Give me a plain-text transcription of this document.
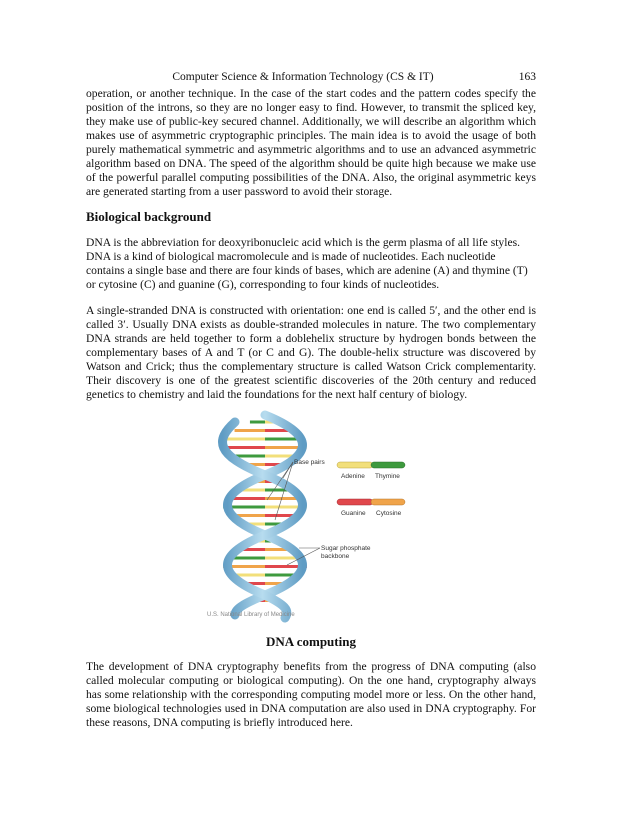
Computer Science & Information Technology (CS & IT)	163

operation, or another technique. In the case of the start codes and the pattern codes specify the position of the introns, so they are no longer easy to find. However, to transmit the spliced key, they make use of public-key secured channel. Additionally, we will describe an algorithm which makes use of asymmetric cryptographic principles. The main idea is to avoid the usage of both purely mathematical symmetric and asymmetric algorithms and to use an advanced asymmetric algorithm based on DNA. The speed of the algorithm should be quite high because we make use of the powerful parallel computing possibilities of the DNA. Also, the original asymmetric keys are generated starting from a user password to avoid their storage.

Biological background

DNA is the abbreviation for deoxyribonucleic acid which is the germ plasma of all life styles. DNA is a kind of biological macromolecule and is made of nucleotides. Each nucleotide contains a single base and there are four kinds of bases, which are adenine (A) and thymine (T) or cytosine (C) and guanine (G), corresponding to four kinds of nucleotides.

A single-stranded DNA is constructed with orientation: one end is called 5′, and the other end is called 3′. Usually DNA exists as double-stranded molecules in nature. The two complementary DNA strands are held together to form a doblehelix structure by hydrogen bonds between the complementary bases of A and T (or C and G). The double-helix structure was discovered by Watson and Crick; thus the complementary structure is called Watson Crick complementarity. Their discovery is one of the greatest scientific discoveries of the 20th century and reduced genetics to chemistry and laid the foundations for the next half century of biology.

Base pairs
Sugar phosphate
backbone
Adenine Thymine
Guanine Cytosine
U.S. National Library of Medicine
DNA computing

The development of DNA cryptography benefits from the progress of DNA computing (also called molecular computing or biological computing). On the one hand, cryptography always has some relationship with the corresponding computing model more or less. On the other hand, some biological technologies used in DNA computation are also used in DNA cryptography. For these reasons, DNA computing is briefly introduced here.
